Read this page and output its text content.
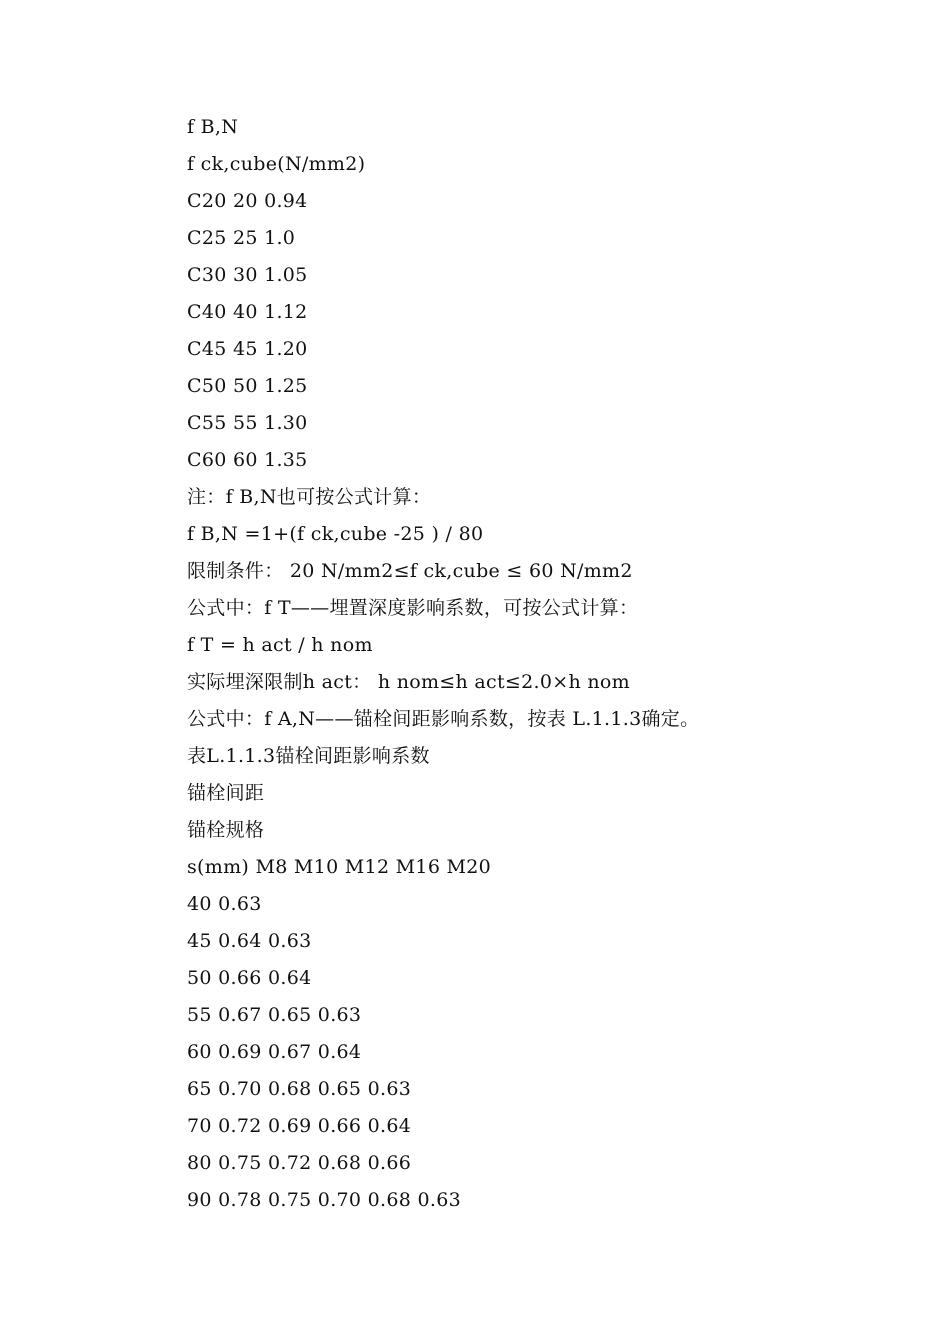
f B,N
f ck,cube(N/mm2)
C20 20 0.94
C25 25 1.0
C30 30 1.05
C40 40 1.12
C45 45 1.20
C50 50 1.25
C55 55 1.30
C60 60 1.35
注：f B,N也可按公式计算：
f B,N =1+(f ck,cube -25 ) / 80
限制条件： 20 N/mm2≤f ck,cube ≤ 60 N/mm2
公式中：f T——埋置深度影响系数，可按公式计算：
f T = h act / h nom
实际埋深限制h act： h nom≤h act≤2.0×h nom
公式中：f A,N——锚栓间距影响系数，按表 L.1.1.3确定。
表L.1.1.3锚栓间距影响系数
锚栓间距
锚栓规格
s(mm) M8 M10 M12 M16 M20
40 0.63
45 0.64 0.63
50 0.66 0.64
55 0.67 0.65 0.63
60 0.69 0.67 0.64
65 0.70 0.68 0.65 0.63
70 0.72 0.69 0.66 0.64
80 0.75 0.72 0.68 0.66
90 0.78 0.75 0.70 0.68 0.63
